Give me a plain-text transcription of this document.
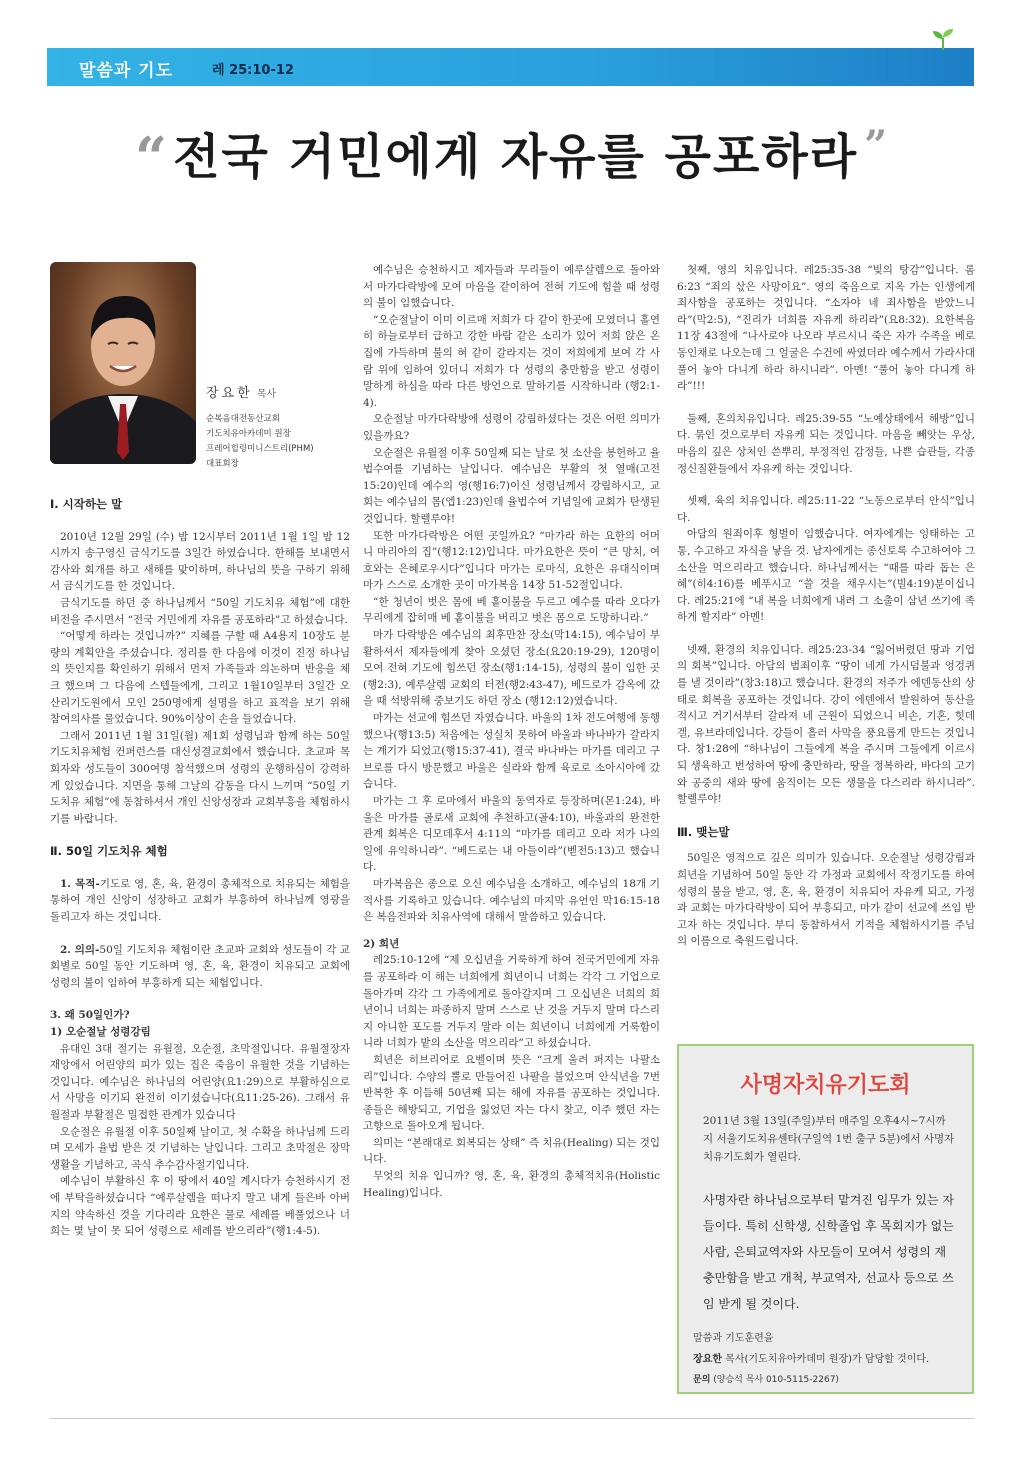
말씀과 기도	레 25:10-12
“전국 거민에게 자유를 공포하라 ”
장요한 목사
순복음대전동산교회
기도치유아카데미 원장
프레어힐링미니스트리(PHM)
대표회장

Ⅰ. 시작하는 말

2010년 12월 29일 (수) 밤 12시부터 2011년 1월 1일 밤 12시까지 송구영신 금식기도를 3일간 하였습니다. 한해를 보내면서 감사와 회개를 하고 새해를 맞이하며, 하나님의 뜻을 구하기 위해서 금식기도를 한 것입니다.

금식기도를 하던 중 하나님께서 “50일 기도치유 체험”에 대한 비전을 주시면서 “전국 거민에게 자유를 공포하라”고 하셨습니다.

“어떻게 하라는 것입니까?” 지혜를 구할 때 A4용지 10장도 분량의 계획안을 주셨습니다. 정리를 한 다음에 이것이 진정 하나님의 뜻인지를 확인하기 위해서 먼저 가족들과 의논하며 반응을 체크 했으며 그 다음에 스텝들에게, 그리고 1월10일부터 3일간 오산리기도원에서 모인 250명에게 설명을 하고 표적을 보기 위해 참여의사를 물었습니다. 90%이상이 손을 들었습니다.

그래서 2011년 1월 31일(월) 제1회 성령님과 함께 하는 50일 기도치유체험 컨퍼런스를 대신성결교회에서 했습니다. 초교파 목회자와 성도들이 300여명 참석했으며 성령의 운행하심이 강력하게 있었습니다. 지면을 통해 그날의 감동을 다시 느끼며 “50일 기도치유 체험”에 동참하셔서 개인 신앙성장과 교회부흥을 체험하시기를 바랍니다.

Ⅱ. 50일 기도치유 체험

1. 목적-기도로 영, 혼, 육, 환경이 총체적으로 치유되는 체험을 통하여 개인 신앙이 성장하고 교회가 부흥하여 하나님께 영광을 돌리고자 하는 것입니다.

2. 의의-50일 기도치유 체험이란 초교파 교회와 성도들이 각 교회별로 50일 동안 기도하며 영, 혼, 육, 환경이 치유되고 교회에 성령의 불이 임하여 부흥하게 되는 체험입니다.

3. 왜 50일인가?

1) 오순절날 성령강림

유대인 3대 절기는 유월절, 오순절, 초막절입니다. 유월절장자 재앙에서 어린양의 피가 있는 집은 죽음이 유월한 것을 기념하는 것입니다. 예수님은 하나님의 어린양(요1:29)으로 부활하심으로서 사망을 이기되 완전히 이기셨습니다(요11:25-26). 그래서 유월절과 부활절은 밀접한 관계가 있습니다

오순절은 유월절 이후 50일째 날이고, 첫 수확을 하나님께 드리며 모세가 율법 받은 것 기념하는 날입니다. 그리고 초막절은 장막 생활을 기념하고, 곡식 추수감사절기입니다.

예수님이 부활하신 후 이 땅에서 40일 계시다가 승천하시기 전에 부탁을하셨습니다 “예루살렘을 떠나지 말고 내게 들은바 아버지의 약속하신 것을 기다리라 요한은 물로 세례를 베풀었으나 너희는 몇 날이 못 되어 성령으로 세례를 받으리라”(행1:4-5).

예수님은 승천하시고 제자들과 무리들이 예루살렘으로 돌아와서 마가다락방에 모여 마음을 같이하여 전혀 기도에 힘쓸 때 성령의 불이 임했습니다.

“오순절날이 이미 이르매 저희가 다 같이 한곳에 모였더니 홀연히 하늘로부터 급하고 강한 바람 같은 소리가 있어 저희 앉은 온 집에 가득하며 불의 혀 같이 갈라지는 것이 저희에게 보여 각 사람 위에 임하여 있더니 저희가 다 성령의 충만함을 받고 성령이 말하게 하심을 따라 다른 방언으로 말하기를 시작하니라 (행2:1-4).

오순절날 마가다락방에 성령이 강림하셨다는 것은 어떤 의미가 있을까요?

오순절은 유월절 이후 50일째 되는 날로 첫 소산을 봉헌하고 율법수여를 기념하는 날입니다. 예수님은 부활의 첫 열매(고전15:20)인데 예수의 영(행16:7)이신 성령님께서 강림하시고, 교회는 예수님의 몸(엡1:23)인데 율법수여 기념일에 교회가 탄생된 것입니다. 할렐루야!

또한 마가다락방은 어떤 곳일까요? “마가라 하는 요한의 어머니 마리아의 집”(행12:12)입니다. 마가요한은 뜻이 “큰 망치, 여호와는 은혜로우시다”입니다 마가는 로마식, 요한은 유대식이며 마가 스스로 소개한 곳이 마가복음 14장 51-52절입니다.

“한 청년이 벗은 몸에 베 홑이불을 두르고 예수를 따라 오다가 무리에게 잡히매 베 홑이불을 버리고 벗은 몸으로 도망하니라.”

마가 다락방은 예수님의 최후만찬 장소(막14:15), 예수님이 부활하셔서 제자들에게 찾아 오셨던 장소(요20:19-29), 120명이 모여 전혀 기도에 힘쓰던 장소(행1:14-15), 성령의 불이 임한 곳(행2:3), 예루살렘 교회의 터전(행2:43-47), 베드로가 감옥에 갔을 때 석방위해 중보기도 하던 장소 (행12:12)였습니다.

마가는 선교에 힘쓰던 자였습니다. 바울의 1차 전도여행에 동행 했으나(행13:5) 처음에는 성실치 못하여 바울과 바나바가 갈라지는 계기가 되었고(행15:37-41), 결국 바나바는 마가를 데리고 구브로를 다시 방문했고 바울은 실라와 함께 육로로 소아시아에 갔습니다.

마가는 그 후 로마에서 바울의 동역자로 등장하며(몬1:24), 바울은 마가를 골로새 교회에 추천하고(골4:10), 바울과의 완전한 관계 회복은 디모데후서 4:11의 “마가를 데리고 오라 저가 나의 일에 유익하니라”. “베드로는 내 아들이라”(벧전5:13)고 했습니다.

마가복음은 종으로 오신 예수님을 소개하고, 예수님의 18개 기적사를 기록하고 있습니다. 예수님의 마지막 유언인 막16:15-18은 복음전파와 치유사역에 대해서 말씀하고 있습니다.

2) 희년

레25:10-12에 “제 오십년을 거룩하게 하여 전국거민에게 자유를 공포하라 이 해는 너희에게 희년이니 너희는 각각 그 기업으로 돌아가며 각각 그 가족에게로 돌아갈지며 그 오십년은 너희의 희년이니 너희는 파종하지 말며 스스로 난 것을 거두지 말며 다스리지 아니한 포도를 거두지 말라 이는 희년이니 너희에게 거룩함이니라 너희가 밭의 소산을 먹으리라”고 하셨습니다.

희년은 히브리어로 요벨이며 뜻은 “크게 울려 퍼지는 나팔소리”입니다. 수양의 뿔로 만들어진 나팔을 불었으며 안식년을 7번 반복한 후 이듬해 50년째 되는 해에 자유를 공포하는 것입니다. 종들은 해방되고, 기업을 잃었던 자는 다시 찾고, 이주 했던 자는 고향으로 돌아오게 됩니다.

의미는 “본래대로 회복되는 상태” 즉 치유(Healing) 되는 것입니다.

무엇의 치유 입니까? 영, 혼, 육, 환경의 총체적치유(Holistic Healing)입니다.

첫째, 영의 치유입니다. 레25:35-38 “빚의 탕감”입니다. 롬6:23 “죄의 삯은 사망이요”. 영의 죽음으로 지옥 가는 인생에게 죄사함을 공포하는 것입니다. “소자야 네 죄사함을 받았느니라”(막2:5), “진리가 너희를 자유케 하리라”(요8:32). 요한복음 11장 43절에 “나사로야 나오라 부르시니 죽은 자가 수족을 베로 동인채로 나오는데 그 얼굴은 수건에 싸였더라 예수께서 가라사대 풀어 놓아 다니게 하라 하시니라”. 아멘! “풀어 놓아 다니게 하라”!!!

둘째, 혼의치유입니다. 레25:39-55 “노예상태에서 해방”입니다. 묶인 것으로부터 자유케 되는 것입니다. 마음을 빼앗는 우상, 마음의 깊은 상처인 쓴뿌리, 부정적인 감정들, 나쁜 습관들, 각종 정신질환들에서 자유케 하는 것입니다.

셋째, 육의 치유입니다. 레25:11-22 “노동으로부터 안식”입니다.

아담의 원죄이후 형벌이 임했습니다. 여자에게는 잉태하는 고통, 수고하고 자식을 낳을 것. 남자에게는 종신토록 수고하여야 그 소산을 먹으리라고 했습니다. 하나님께서는 “때를 따라 돕는 은혜”(히4:16)를 베푸시고 “쓸 것을 채우시는”(빌4:19)분이십니다. 레25:21에 “내 복을 너희에게 내려 그 소출이 삼년 쓰기에 족하게 할지라” 아멘!

넷째, 환경의 치유입니다. 레25:23-34 “잃어버렸던 땅과 기업의 회복”입니다. 아담의 범죄이후 “땅이 네게 가시덤불과 엉겅퀴를 낼 것이라”(창3:18)고 했습니다. 환경의 저주가 에덴동산의 상태로 회복을 공포하는 것입니다. 강이 에덴에서 발원하여 동산을 적시고 거기서부터 갈라져 네 근원이 되었으니 비손, 기혼, 힛데겔, 유브라데입니다. 강들이 흘러 사막을 풍요롭게 만드는 것입니다. 창1:28에 “하나님이 그들에게 복을 주시며 그들에게 이르시되 생육하고 번성하여 땅에 충만하라, 땅을 정복하라, 바다의 고기와 공중의 새와 땅에 움직이는 모든 생물을 다스리라 하시니라”. 할렐루야!

Ⅲ. 맺는말

50일은 영적으로 깊은 의미가 있습니다. 오순절날 성령강림과 희년을 기념하여 50일 동안 각 가정과 교회에서 작정기도를 하여 성령의 불을 받고, 영, 혼, 육, 환경이 치유되어 자유케 되고, 가정과 교회는 마가다락방이 되어 부흥되고, 마가 같이 선교에 쓰임 받고자 하는 것입니다. 부디 동참하셔서 기적을 체험하시기를 주님의 이름으로 축원드립니다.

사명자치유기도회
2011년 3월 13일(주일)부터 매주일 오후4시~7시까지 서울기도치유센타(구일역 1번 출구 5분)에서 사명자치유기도회가 열린다.
사명자란 하나님으로부터 맡겨진 임무가 있는 자들이다. 특히 신학생, 신학졸업 후 목회지가 없는 사람, 은퇴교역자와 사모들이 모여서 성령의 재충만함을 받고 개척, 부교역자, 선교사 등으로 쓰임 받게 될 것이다.
말씀과 기도훈련을
장요한 목사(기도치유아카데미 원장)가 담당할 것이다.
문의 (양승석 목사 010-5115-2267)
